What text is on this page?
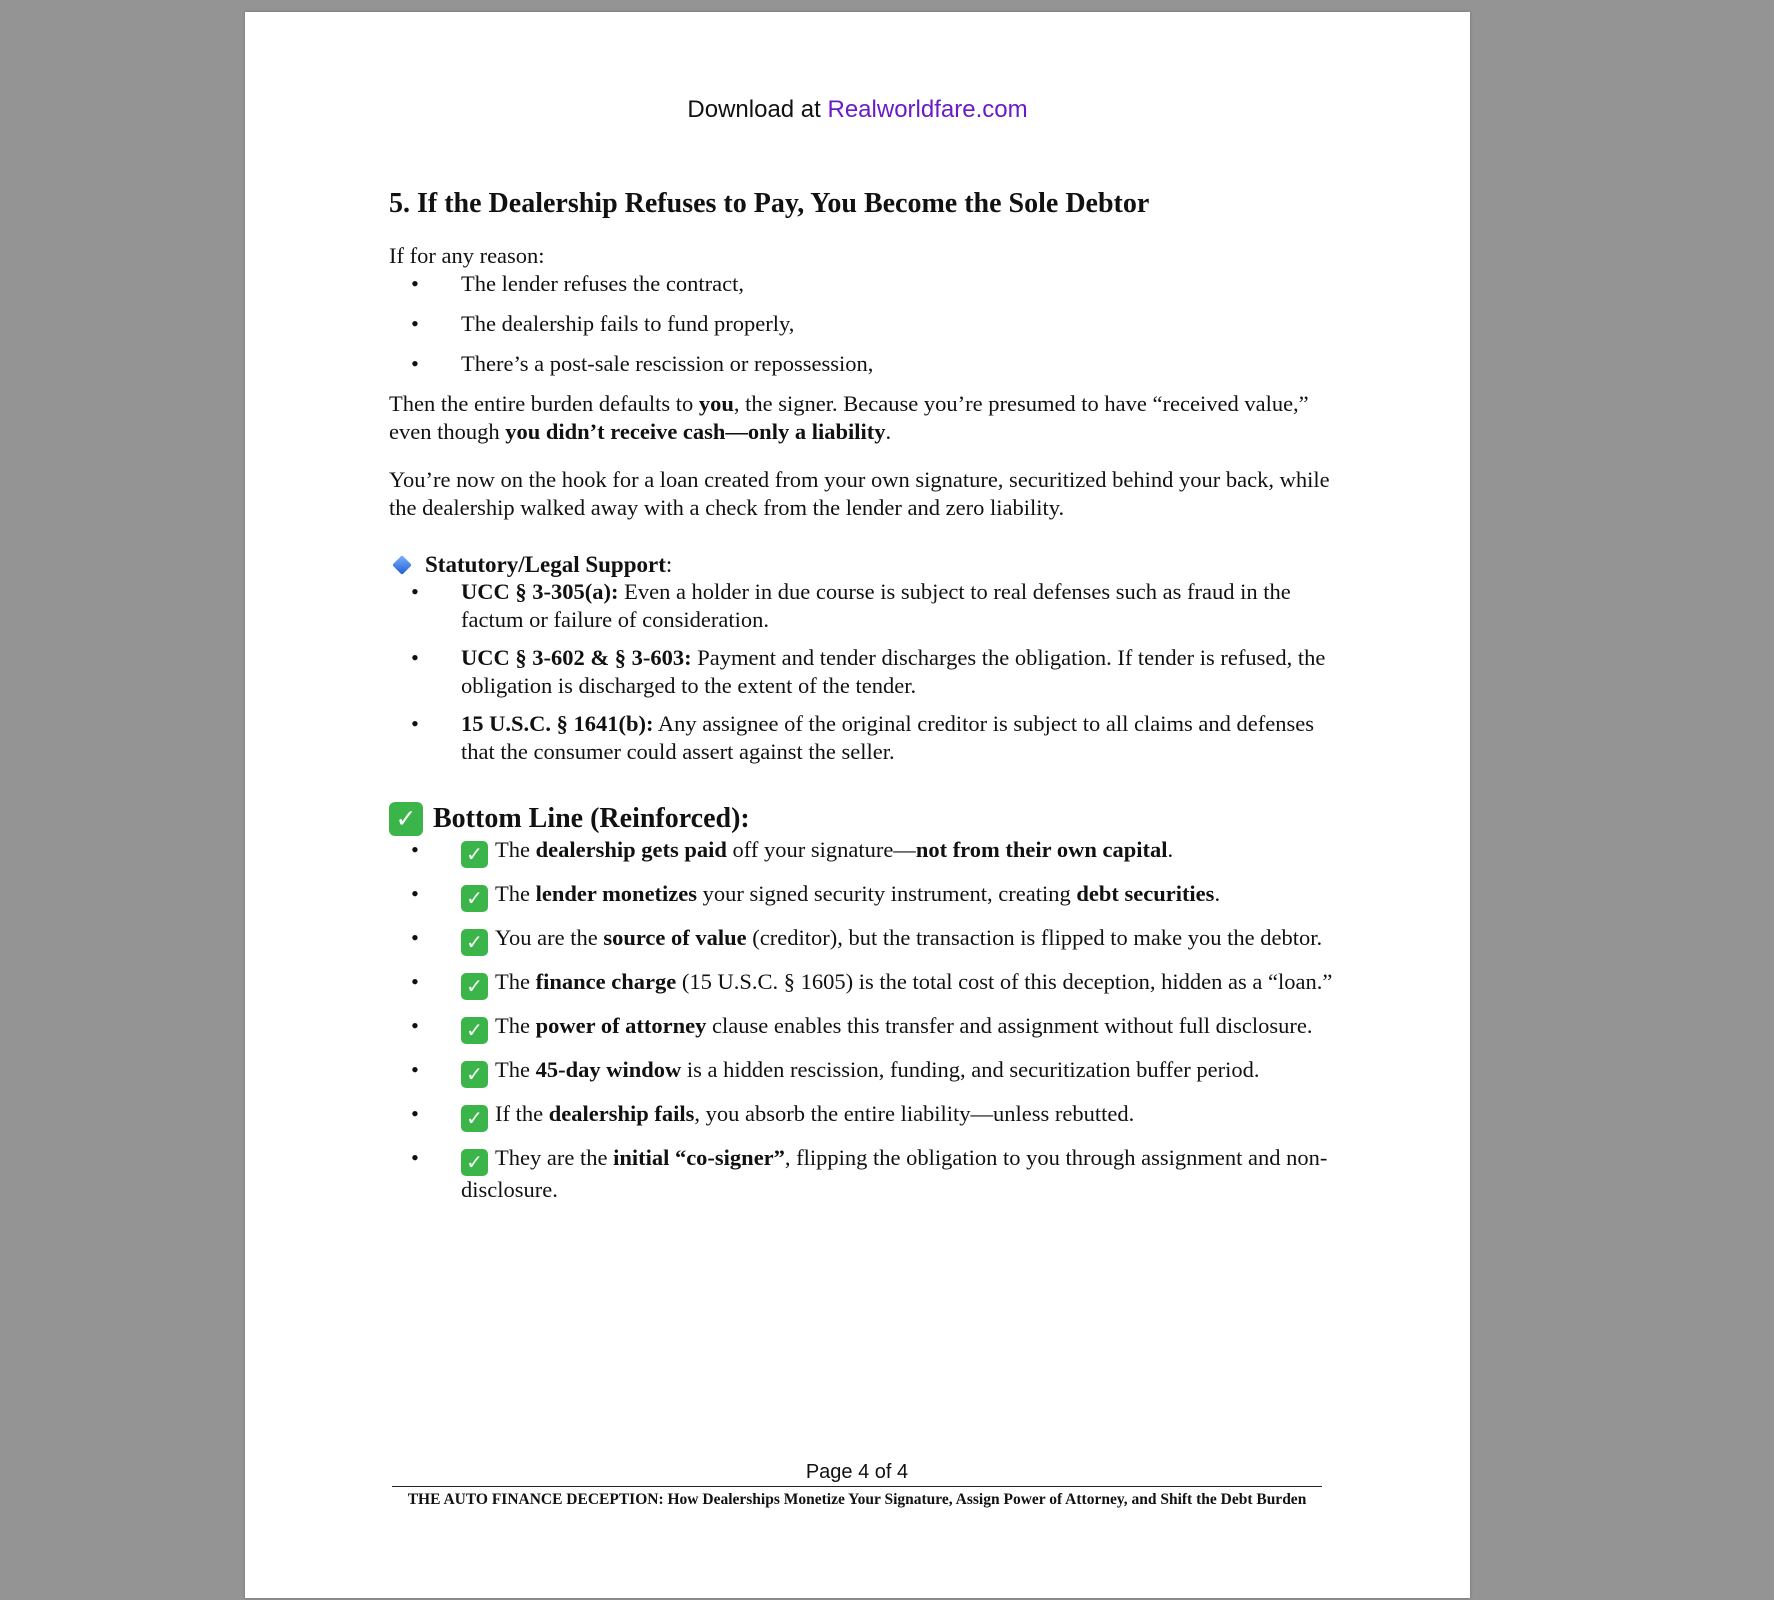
Download at Realworldfare.com
5. If the Dealership Refuses to Pay, You Become the Sole Debtor

If for any reason:

• The lender refuses the contract,
• The dealership fails to fund properly,
• There’s a post-sale rescission or repossession,

Then the entire burden defaults to you, the signer. Because you’re presumed to have “received value,” even though you didn’t receive cash—only a liability.

You’re now on the hook for a loan created from your own signature, securitized behind your back, while the dealership walked away with a check from the lender and zero liability.

Statutory/Legal Support :
• UCC § 3-305(a): Even a holder in due course is subject to real defenses such as fraud in the factum or failure of consideration.
• UCC § 3-602 & § 3-603: Payment and tender discharges the obligation. If tender is refused, the obligation is discharged to the extent of the tender.
• 15 U.S.C. § 1641(b): Any assignee of the original creditor is subject to all claims and defenses that the consumer could assert against the seller.
✓ Bottom Line (Reinforced):
• ✓ The dealership gets paid off your signature—not from their own capital.
• ✓ The lender monetizes your signed security instrument, creating debt securities.
• ✓ You are the source of value (creditor), but the transaction is flipped to make you the debtor.
• ✓ The finance charge (15 U.S.C. § 1605) is the total cost of this deception, hidden as a “loan.”
• ✓ The power of attorney clause enables this transfer and assignment without full disclosure.
• ✓ The 45-day window is a hidden rescission, funding, and securitization buffer period.
• ✓ If the dealership fails, you absorb the entire liability—unless rebutted.
• ✓ They are the initial “co-signer”, flipping the obligation to you through assignment and non-disclosure.
Page 4 of 4
THE AUTO FINANCE DECEPTION: How Dealerships Monetize Your Signature, Assign Power of Attorney, and Shift the Debt Burden
